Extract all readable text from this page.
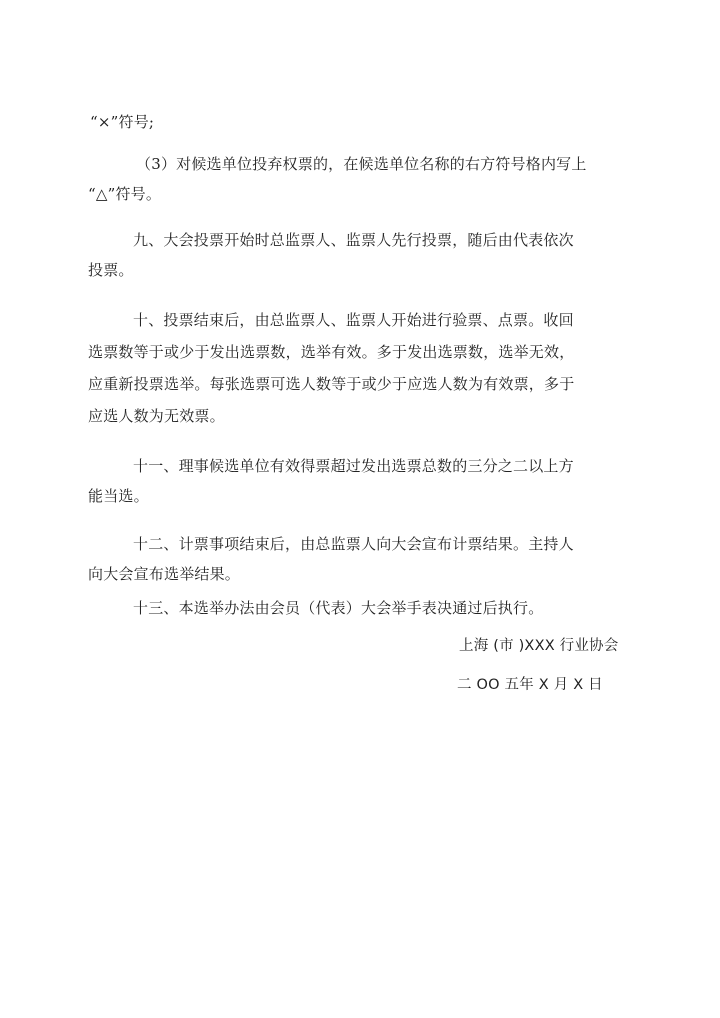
“×”符号;
（3）对候选单位投弃权票的，在候选单位名称的右方符号格内写上
“△”符号。
九、大会投票开始时总监票人、监票人先行投票，随后由代表依次
投票。
十、投票结束后，由总监票人、监票人开始进行验票、点票。收回
选票数等于或少于发出选票数，选举有效。多于发出选票数，选举无效，
应重新投票选举。每张选票可选人数等于或少于应选人数为有效票，多于
应选人数为无效票。
十一、理事候选单位有效得票超过发出选票总数的三分之二以上方
能当选。
十二、计票事项结束后，由总监票人向大会宣布计票结果。主持人
向大会宣布选举结果。
十三、本选举办法由会员（代表）大会举手表决通过后执行。
上海 (市 )XXX 行业协会
二 OO 五年 X 月 X 日
